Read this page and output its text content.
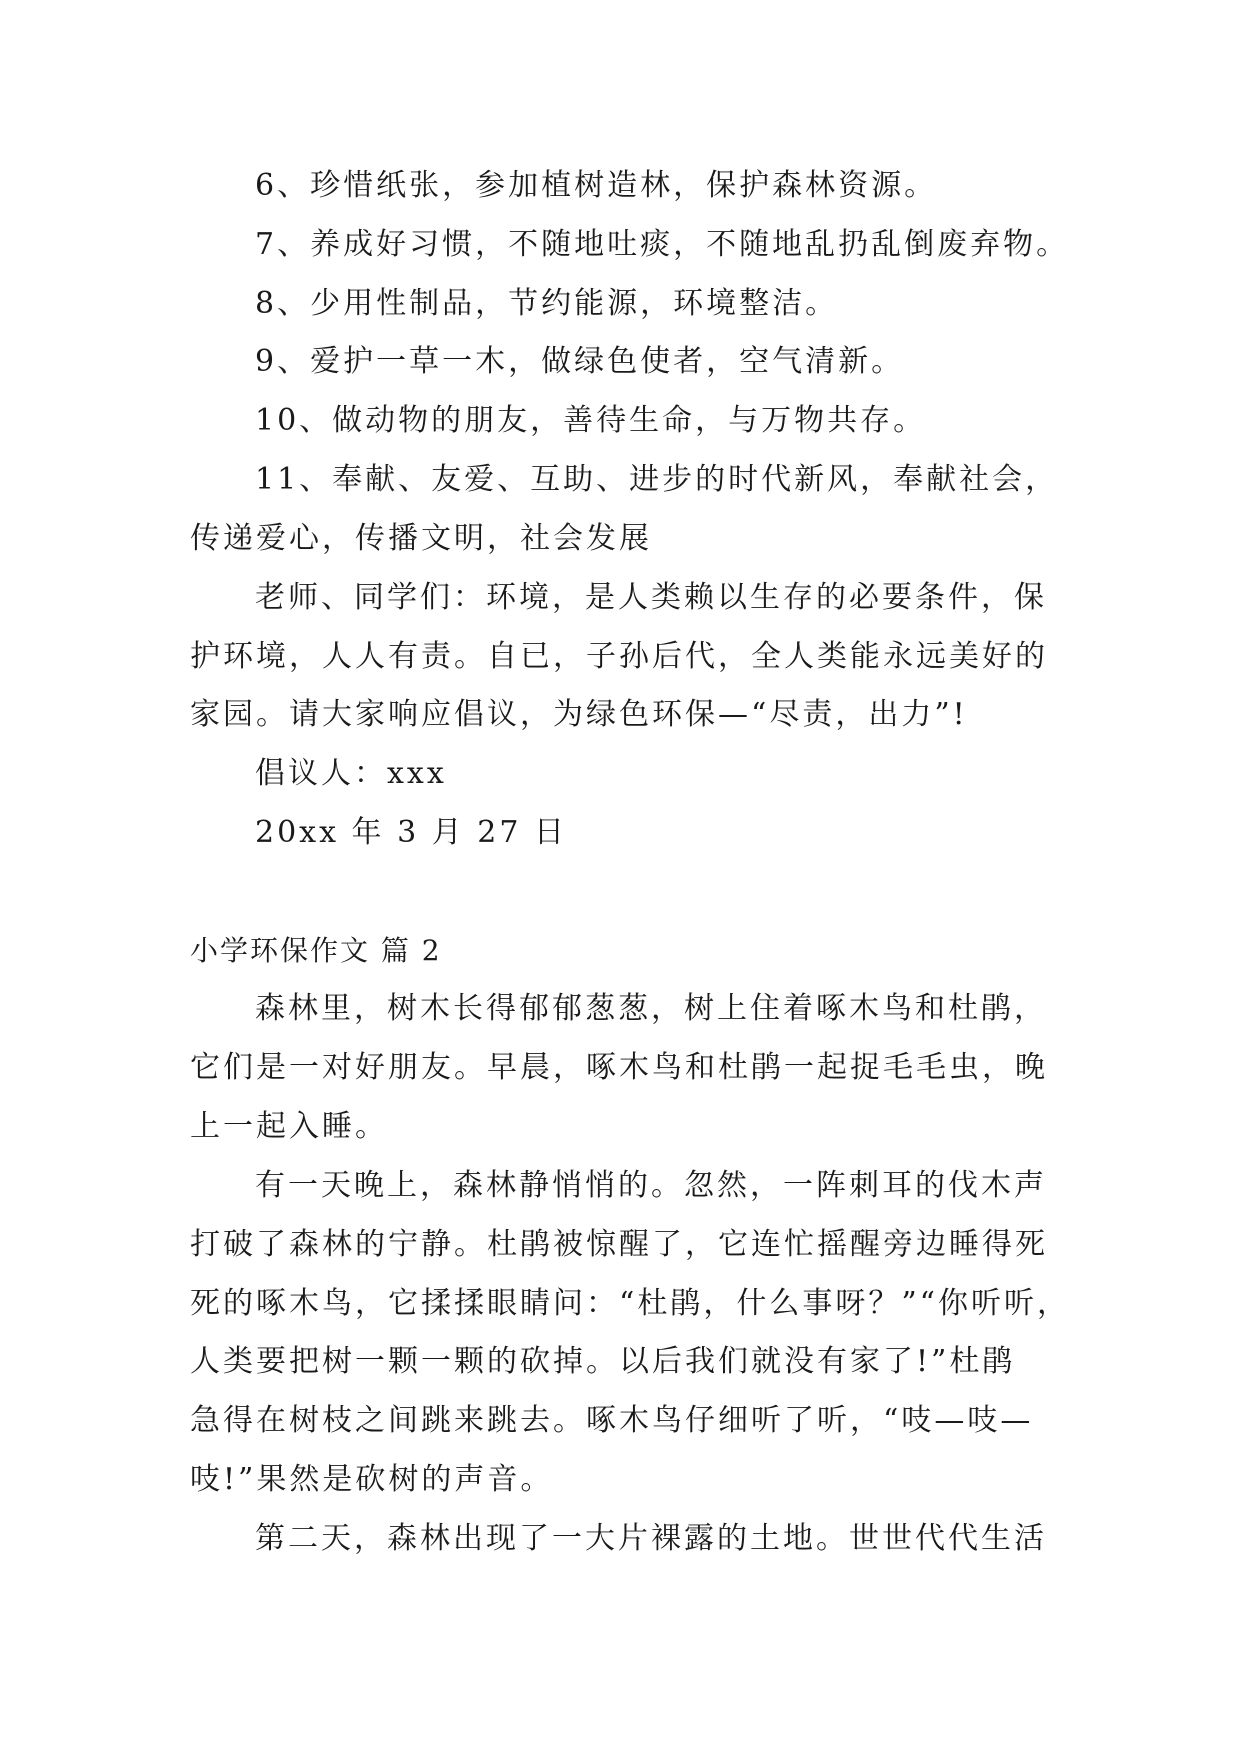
6、珍惜纸张，参加植树造林，保护森林资源。
7、养成好习惯，不随地吐痰，不随地乱扔乱倒废弃物。
8、少用性制品，节约能源，环境整洁。
9、爱护一草一木，做绿色使者，空气清新。
10、做动物的朋友，善待生命，与万物共存。
11、奉献、友爱、互助、进步的时代新风，奉献社会，
传递爱心，传播文明，社会发展
老师、同学们：环境，是人类赖以生存的必要条件，保
护环境，人人有责。自已，子孙后代，全人类能永远美好的
家园。请大家响应倡议，为绿色环保—“尽责，出力”!
倡议人：xxx
20xx 年 3 月 27 日
小学环保作文 篇 2
森林里，树木长得郁郁葱葱，树上住着啄木鸟和杜鹃，
它们是一对好朋友。早晨，啄木鸟和杜鹃一起捉毛毛虫，晚
上一起入睡。
有一天晚上，森林静悄悄的。忽然，一阵刺耳的伐木声
打破了森林的宁静。杜鹃被惊醒了，它连忙摇醒旁边睡得死
死的啄木鸟，它揉揉眼睛问：“杜鹃，什么事呀？”“你听听，
人类要把树一颗一颗的砍掉。以后我们就没有家了!”杜鹃
急得在树枝之间跳来跳去。啄木鸟仔细听了听，“吱—吱—
吱!”果然是砍树的声音。
第二天，森林出现了一大片裸露的土地。世世代代生活
